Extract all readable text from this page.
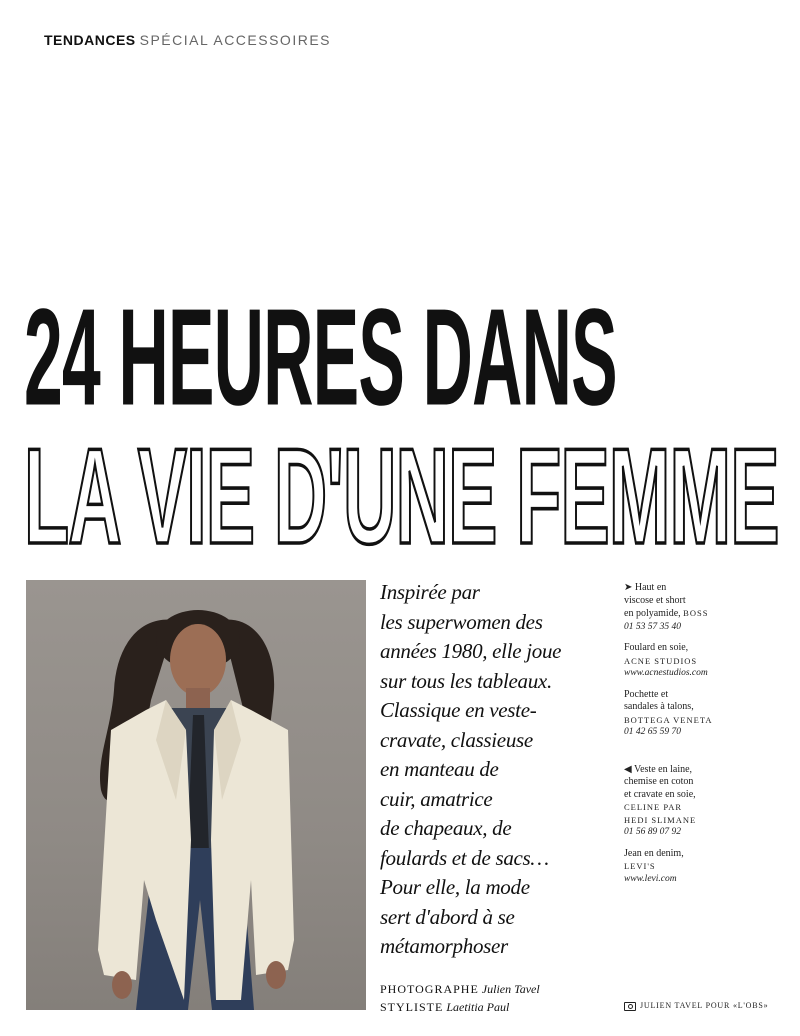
TENDANCES SPÉCIAL ACCESSOIRES
24 HEURES DANS
LA VIE D'UNE FEMME
Inspirée par
les superwomen des
années 1980, elle joue
sur tous les tableaux.
Classique en veste-
cravate, classieuse
en manteau de
cuir, amatrice
de chapeaux, de
foulards et de sacs…
Pour elle, la mode
sert d'abord à se
métamorphoser
PHOTOGRAPHE Julien Tavel
STYLISTE Laetitia Paul
➤ Haut en
viscose et short
en polyamide, BOSS
01 53 57 35 40
Foulard en soie,
ACNE STUDIOS
www.acnestudios.com
Pochette et
sandales à talons,
BOTTEGA VENETA
01 42 65 59 70
◀ Veste en laine,
chemise en coton
et cravate en soie,
CELINE PAR
HEDI SLIMANE
01 56 89 07 92
Jean en denim,
LEVI'S
www.levi.com
JULIEN TAVEL POUR «L'OBS»
